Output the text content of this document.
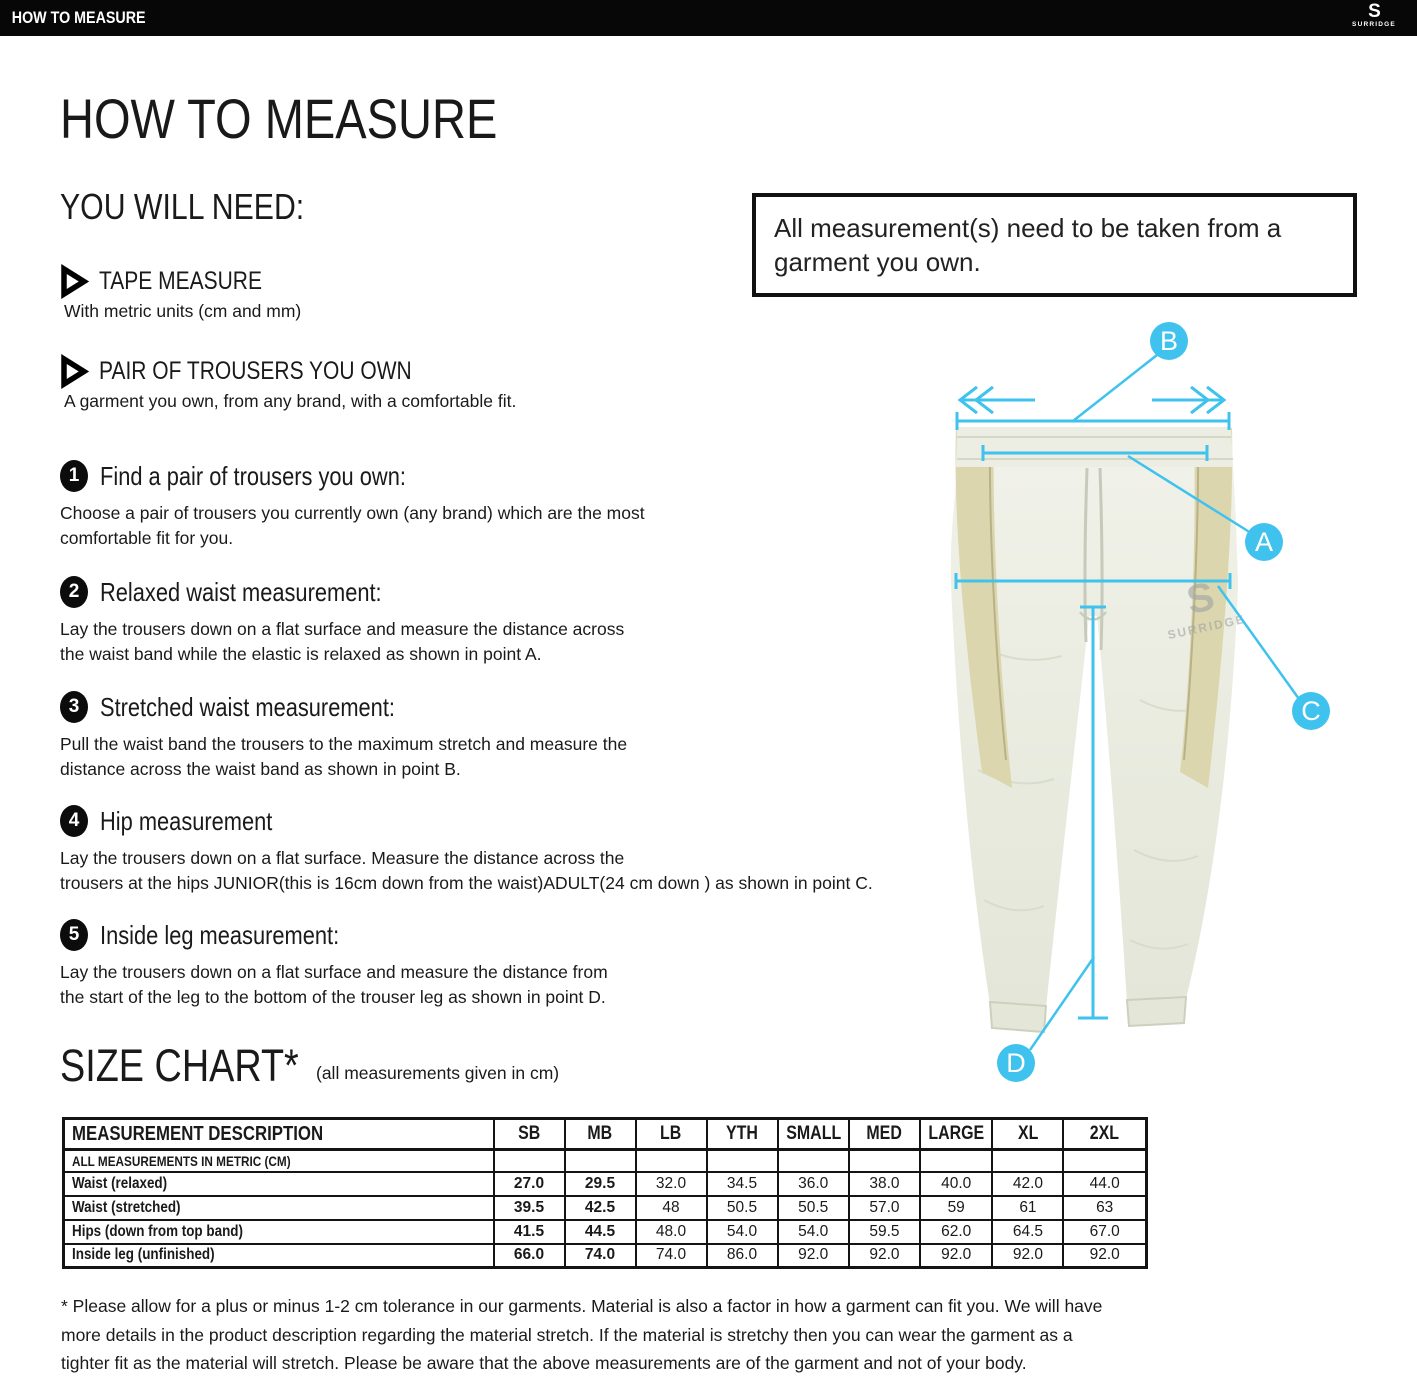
HOW TO MEASURE	S
SURRIDGE
HOW TO MEASURE
YOU WILL NEED:
TAPE MEASURE
With metric units (cm and mm)
PAIR OF TROUSERS YOU OWN
A garment you own, from any brand, with a comfortable fit.
1 Find a pair of trousers you own:
Choose a pair of trousers you currently own (any brand) which are the most
comfortable fit for you.
2 Relaxed waist measurement:
Lay the trousers down on a flat surface and measure the distance across
the waist band while the elastic is relaxed as shown in point A.
3 Stretched waist measurement:
Pull the waist band the trousers to the maximum stretch and measure the
distance across the waist band as shown in point B.
4 Hip measurement
Lay the trousers down on a flat surface. Measure the distance across the
trousers at the hips JUNIOR(this is 16cm down from the waist)ADULT(24 cm down ) as shown in point C.
5 Inside leg measurement:
Lay the trousers down on a flat surface and measure the distance from
the start of the leg to the bottom of the trouser leg as shown in point D.
All measurement(s) need to be taken from a garment you own.
S
SURRIDGE
B
A
C
D
SIZE CHART* (all measurements given in cm)
MEASUREMENT DESCRIPTION	SB	MB	LB	YTH	SMALL	MED	LARGE	XL	2XL
ALL MEASUREMENTS IN METRIC (CM)									
Waist (relaxed)	27.0	29.5	32.0	34.5	36.0	38.0	40.0	42.0	44.0
Waist (stretched)	39.5	42.5	48	50.5	50.5	57.0	59	61	63
Hips (down from top band)	41.5	44.5	48.0	54.0	54.0	59.5	62.0	64.5	67.0
Inside leg (unfinished)	66.0	74.0	74.0	86.0	92.0	92.0	92.0	92.0	92.0
* Please allow for a plus or minus 1-2 cm tolerance in our garments. Material is also a factor in how a garment can fit you. We will have
more details in the product description regarding the material stretch. If the material is stretchy then you can wear the garment as a
tighter fit as the material will stretch. Please be aware that the above measurements are of the garment and not of your body.
